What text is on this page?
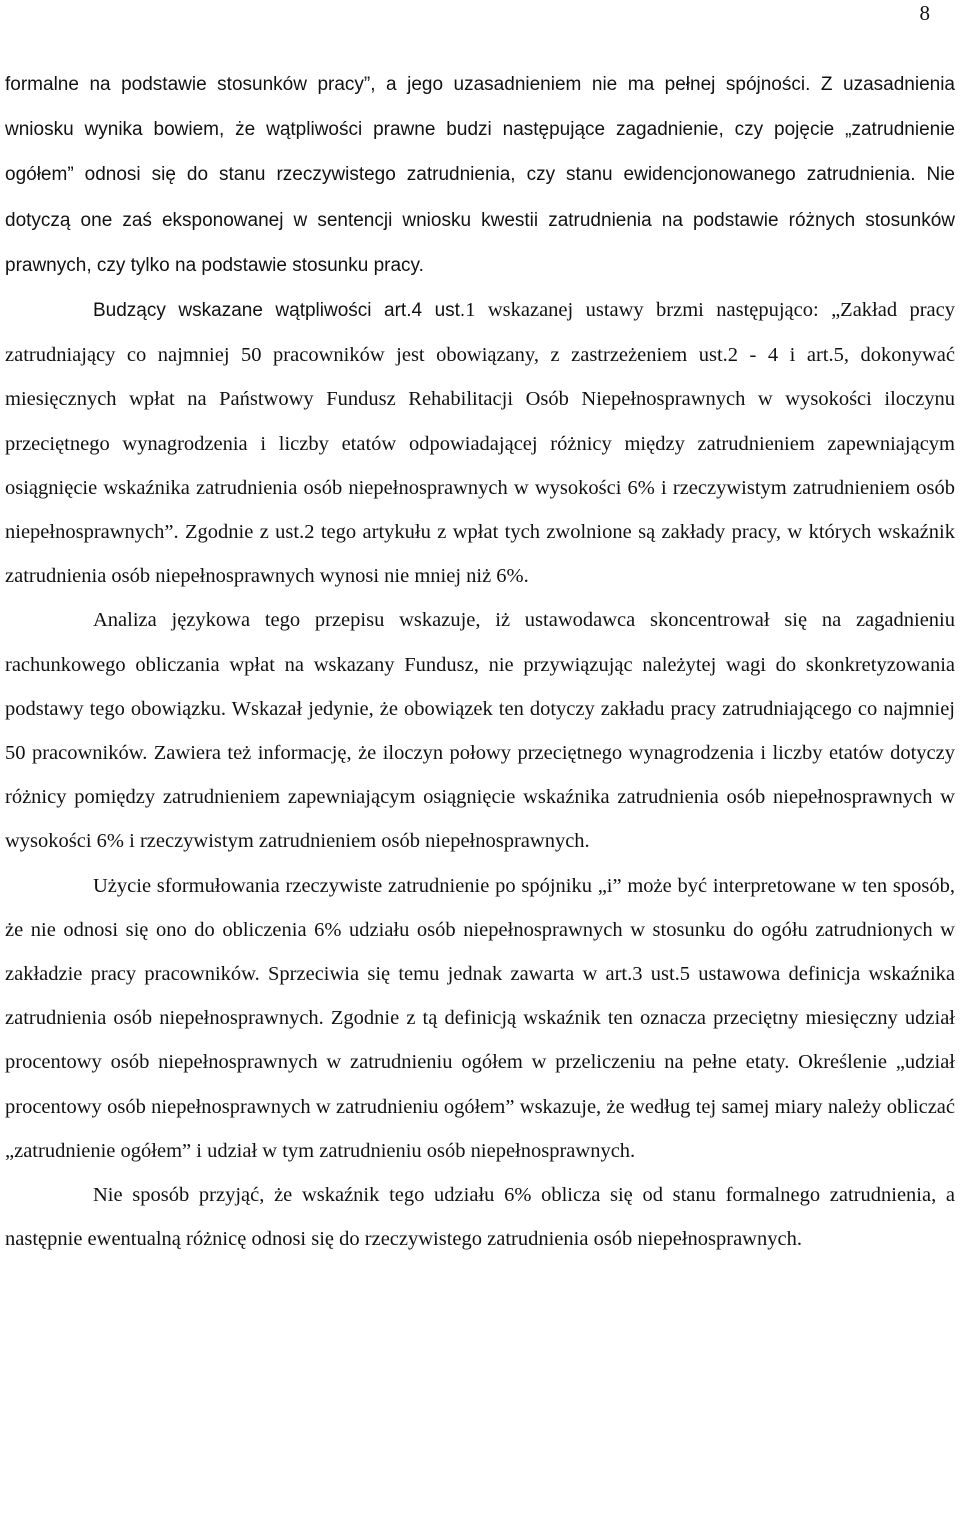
8

formalne na podstawie stosunków pracy”, a jego uzasadnieniem nie ma pełnej spójności. Z uzasadnienia wniosku wynika bowiem, że wątpliwości prawne budzi następujące zagadnienie, czy pojęcie „zatrudnienie ogółem” odnosi się do stanu rzeczywistego zatrudnienia, czy stanu ewidencjonowanego zatrudnienia. Nie dotyczą one zaś eksponowanej w sentencji wniosku kwestii zatrudnienia na podstawie różnych stosunków prawnych, czy tylko na podstawie stosunku pracy.

Budzący wskazane wątpliwości art.4 ust.1 wskazanej ustawy brzmi następująco: „Zakład pracy zatrudniający co najmniej 50 pracowników jest obowiązany, z zastrzeżeniem ust.2 - 4 i art.5, dokonywać miesięcznych wpłat na Państwowy Fundusz Rehabilitacji Osób Niepełnosprawnych w wysokości iloczynu przeciętnego wynagrodzenia i liczby etatów odpowiadającej różnicy między zatrudnieniem zapewniającym osiągnięcie wskaźnika zatrudnienia osób niepełnosprawnych w wysokości 6% i rzeczywistym zatrudnieniem osób niepełnosprawnych”. Zgodnie z ust.2 tego artykułu z wpłat tych zwolnione są zakłady pracy, w których wskaźnik zatrudnienia osób niepełnosprawnych wynosi nie mniej niż 6%.

Analiza językowa tego przepisu wskazuje, iż ustawodawca skoncentrował się na zagadnieniu rachunkowego obliczania wpłat na wskazany Fundusz, nie przywiązując należytej wagi do skonkretyzowania podstawy tego obowiązku. Wskazał jedynie, że obowiązek ten dotyczy zakładu pracy zatrudniającego co najmniej 50 pracowników. Zawiera też informację, że iloczyn połowy przeciętnego wynagrodzenia i liczby etatów dotyczy różnicy pomiędzy zatrudnieniem zapewniającym osiągnięcie wskaźnika zatrudnienia osób niepełnosprawnych w wysokości 6% i rzeczywistym zatrudnieniem osób niepełnosprawnych.

Użycie sformułowania rzeczywiste zatrudnienie po spójniku „i” może być interpretowane w ten sposób, że nie odnosi się ono do obliczenia 6% udziału osób niepełnosprawnych w stosunku do ogółu zatrudnionych w zakładzie pracy pracowników. Sprzeciwia się temu jednak zawarta w art.3 ust.5 ustawowa definicja wskaźnika zatrudnienia osób niepełnosprawnych. Zgodnie z tą definicją wskaźnik ten oznacza przeciętny miesięczny udział procentowy osób niepełnosprawnych w zatrudnieniu ogółem w przeliczeniu na pełne etaty. Określenie „udział procentowy osób niepełnosprawnych w zatrudnieniu ogółem” wskazuje, że według tej samej miary należy obliczać „zatrudnienie ogółem” i udział w tym zatrudnieniu osób niepełnosprawnych.

Nie sposób przyjąć, że wskaźnik tego udziału 6% oblicza się od stanu formalnego zatrudnienia, a następnie ewentualną różnicę odnosi się do rzeczywistego zatrudnienia osób niepełnosprawnych.
